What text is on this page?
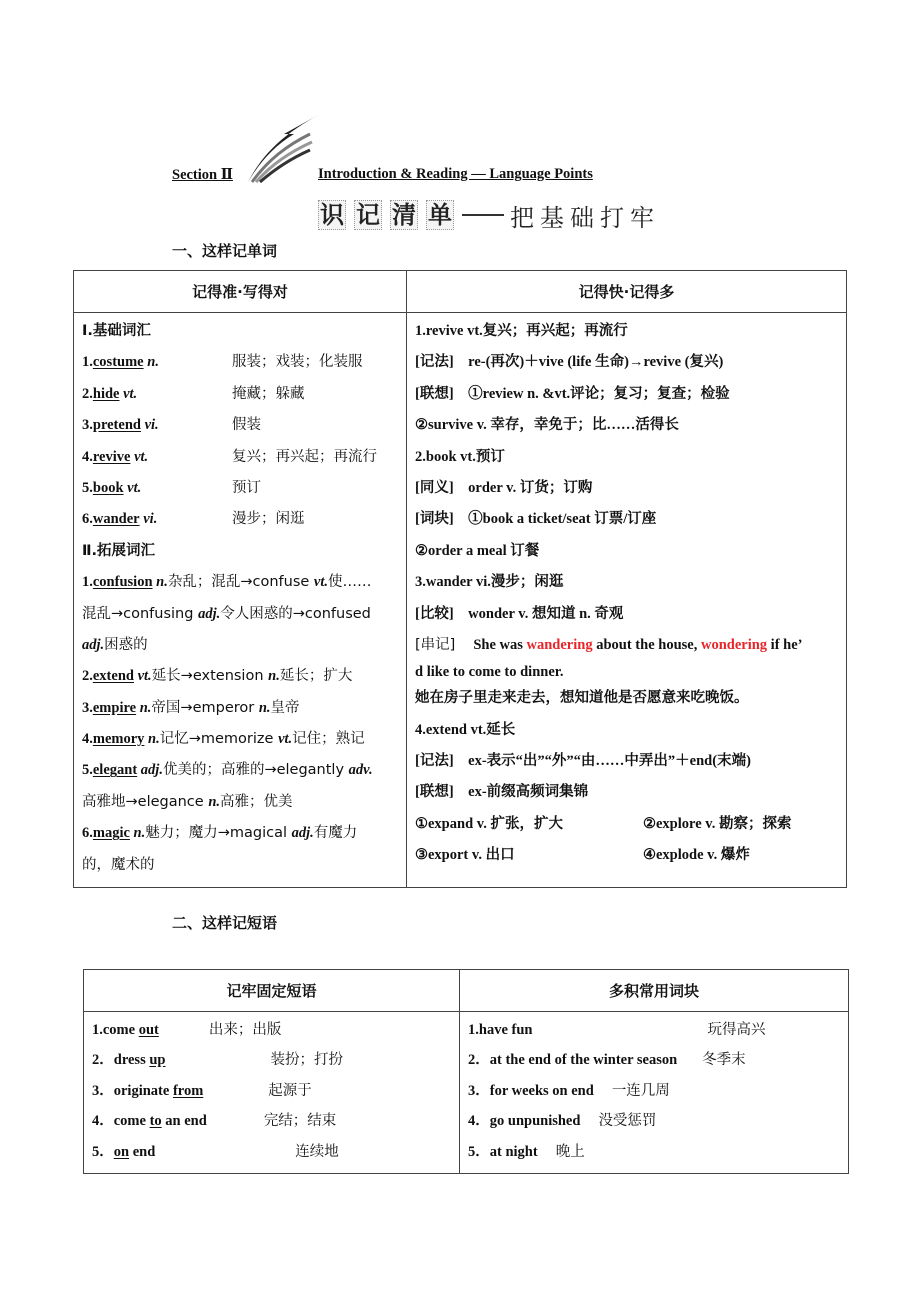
Section Ⅱ	Introduction & Reading — Language Points
识 记 清 单 把基础打牢
一、这样记单词
记得准·写得对	记得快·记得多

Ⅰ.基础词汇
1.costume n.	服装；戏装；化装服
2.hide vt.	掩藏；躲藏
3.pretend vi.	假装
4.revive vt.	复兴；再兴起；再流行
5.book vt.	预订
6.wander vi.	漫步；闲逛
Ⅱ.拓展词汇
1.confusion n.杂乱；混乱→confuse vt.使……
混乱→confusing adj.令人困惑的→confused
adj.困惑的
2.extend vt.延长→extension n.延长；扩大
3.empire n.帝国→emperor n.皇帝
4.memory n.记忆→memorize vt.记住；熟记
5.elegant adj.优美的；高雅的→elegantly adv.
高雅地→elegance n.高雅；优美
6.magic n.魅力；魔力→magical adj.有魔力
的，魔术的

1.revive vt.复兴；再兴起；再流行
[记法]　re-(再次)＋vive (life 生命)→revive (复兴)
[联想]　①review n. &vt.评论；复习；复查；检验
②survive v. 幸存，幸免于；比……活得长
2.book vt.预订
[同义]　order v. 订货；订购
[词块]　①book a ticket/seat 订票/订座
②order a meal 订餐
3.wander vi.漫步；闲逛
[比较]　wonder v. 想知道 n. 奇观
[串记] She was wandering about the house, wondering if he’
d like to come to dinner.
她在房子里走来走去，想知道他是否愿意来吃晚饭。
4.extend vt.延长
[记法]　ex-表示“出”“外”“由……中弄出”＋end(末端)
[联想]　ex-前缀高频词集锦
①expand v. 扩张，扩大	②explore v. 勘察；探索
③export v. 出口	④explode v. 爆炸
二、这样记短语
记牢固定短语	多积常用词块

1.come out	出来；出版
2．dress up	装扮；打扮
3．originate from	起源于
4．come to an end	完结；结束
5．on end	连续地

1.have fun	玩得高兴
2．at the end of the winter season 冬季末
3．for weeks on end 一连几周
4．go unpunished 没受惩罚
5．at night 晚上
